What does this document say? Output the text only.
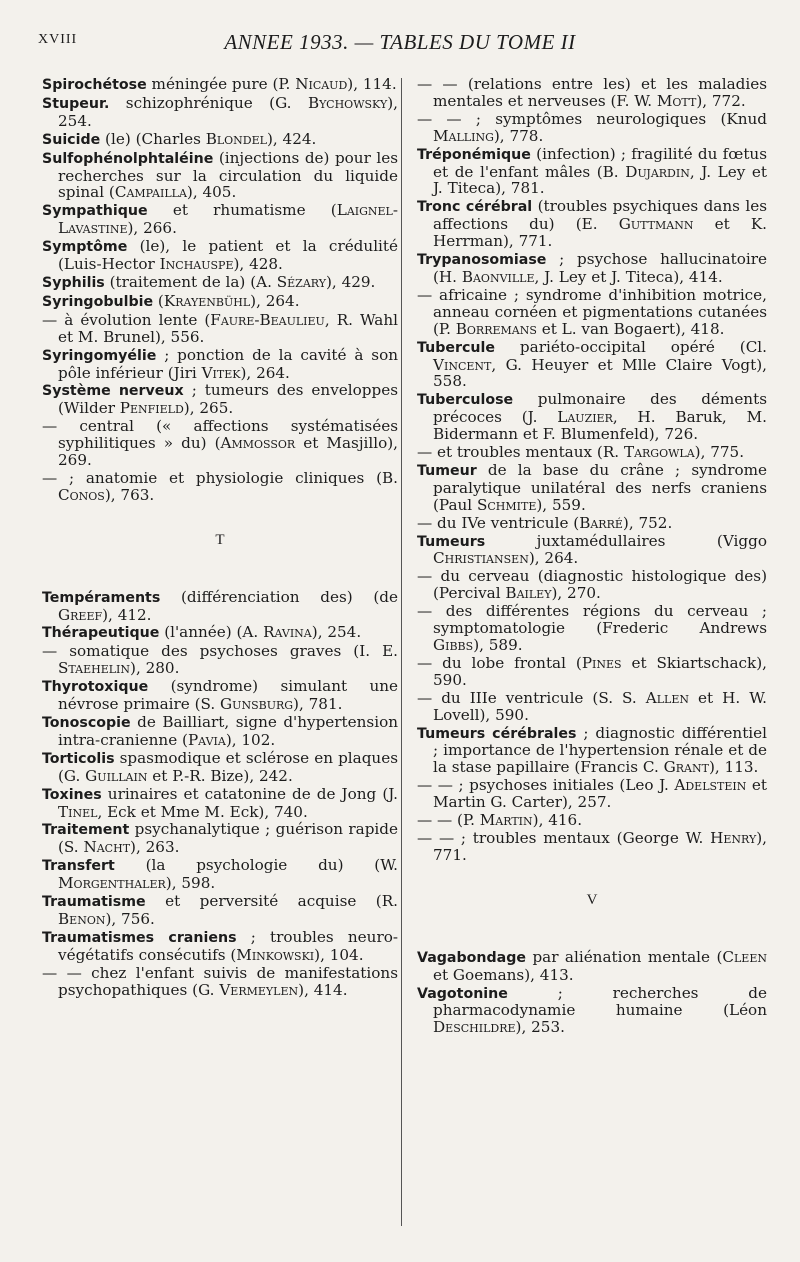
XVIII	ANNEE 1933. — TABLES DU TOME II

Spirochétose méningée pure (P. Nicaud), 114.

Stupeur. schizophrénique (G. Bychowsky), 254.

Suicide (le) (Charles Blondel), 424.

Sulfophénolphtaléine (injections de) pour les recherches sur la circulation du liquide spinal (Campailla), 405.

Sympathique et rhumatisme (Laignel-Lavastine), 266.

Symptôme (le), le patient et la crédulité (Luis-Hector Inchauspe), 428.

Syphilis (traitement de la) (A. Sézary), 429.

Syringobulbie (Krayenbühl), 264.

— à évolution lente (Faure-Beaulieu, R. Wahl et M. Brunel), 556.

Syringomyélie ; ponction de la cavité à son pôle inférieur (Jiri Vitek), 264.

Système nerveux ; tumeurs des enveloppes (Wilder Penfield), 265.

— central (« affections systématisées syphilitiques » du) (Ammossor et Masjillo), 269.

— ; anatomie et physiologie cliniques (B. Conos), 763.

T

Tempéraments (différenciation des) (de Greef), 412.

Thérapeutique (l'année) (A. Ravina), 254.

— somatique des psychoses graves (I. E. Staehelin), 280.

Thyrotoxique (syndrome) simulant une névrose primaire (S. Gunsburg), 781.

Tonoscopie de Bailliart, signe d'hypertension intra-cranienne (Pavia), 102.

Torticolis spasmodique et sclérose en plaques (G. Guillain et P.-R. Bize), 242.

Toxines urinaires et catatonine de de Jong (J. Tinel, Eck et Mme M. Eck), 740.

Traitement psychanalytique ; guérison rapide (S. Nacht), 263.

Transfert (la psychologie du) (W. Morgenthaler), 598.

Traumatisme et perversité acquise (R. Benon), 756.

Traumatismes craniens ; troubles neuro-végétatifs consécutifs (Minkowski), 104.

— — chez l'enfant suivis de manifestations psychopathiques (G. Vermeylen), 414.

— — (relations entre les) et les maladies mentales et nerveuses (F. W. Mott), 772.

— — ; symptômes neurologiques (Knud Malling), 778.

Tréponémique (infection) ; fragilité du fœtus et de l'enfant mâles (B. Dujardin, J. Ley et J. Titeca), 781.

Tronc cérébral (troubles psychiques dans les affections du) (E. Guttmann et K. Herrman), 771.

Trypanosomiase ; psychose hallucinatoire (H. Baonville, J. Ley et J. Titeca), 414.

— africaine ; syndrome d'inhibition motrice, anneau cornéen et pigmentations cutanées (P. Borremans et L. van Bogaert), 418.

Tubercule pariéto-occipital opéré (Cl. Vincent, G. Heuyer et Mlle Claire Vogt), 558.

Tuberculose pulmonaire des déments précoces (J. Lauzier, H. Baruk, M. Bidermann et F. Blumenfeld), 726.

— et troubles mentaux (R. Targowla), 775.

Tumeur de la base du crâne ; syndrome paralytique unilatéral des nerfs craniens (Paul Schmite), 559.

— du IVe ventricule (Barré), 752.

Tumeurs juxtamédullaires (Viggo Christiansen), 264.

— du cerveau (diagnostic histologique des) (Percival Bailey), 270.

— des différentes régions du cerveau ; symptomatologie (Frederic Andrews Gibbs), 589.

— du lobe frontal (Pines et Skiartschack), 590.

— du IIIe ventricule (S. S. Allen et H. W. Lovell), 590.

Tumeurs cérébrales ; diagnostic différentiel ; importance de l'hypertension rénale et de la stase papillaire (Francis C. Grant), 113.

— — ; psychoses initiales (Leo J. Adelstein et Martin G. Carter), 257.

— — (P. Martin), 416.

— — ; troubles mentaux (George W. Henry), 771.

V

Vagabondage par aliénation mentale (Cleen et Goemans), 413.

Vagotonine ; recherches de pharmacodynamie humaine (Léon Deschildre), 253.
